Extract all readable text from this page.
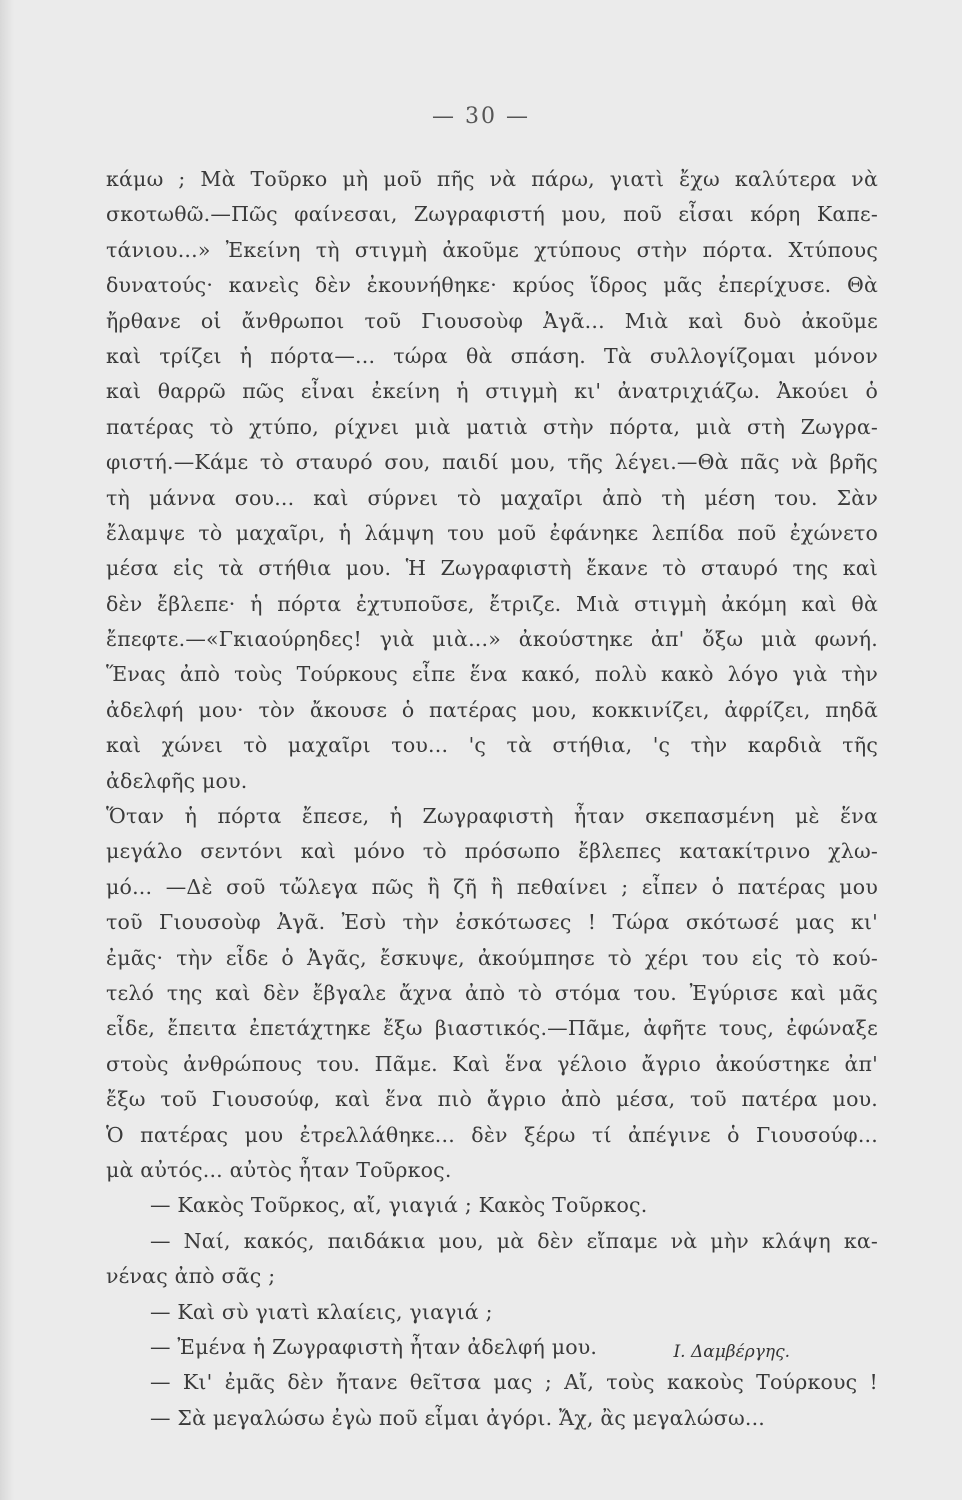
— 30 —
κάμω ; Μὰ Τοῦρκο μὴ μοῦ πῆς νὰ πάρω, γιατὶ ἔχω καλύτερα νὰ
σκοτωθῶ.—Πῶς φαίνεσαι, Ζωγραφιστή μου, ποῦ εἶσαι κόρη Καπε-
τάνιου...» Ἐκείνη τὴ στιγμὴ ἀκοῦμε χτύπους στὴν πόρτα. Χτύπους
δυνατούς· κανεὶς δὲν ἐκουνήθηκε· κρύος ἵδρος μᾶς ἐπερίχυσε. Θὰ
ἤρθανε οἱ ἄνθρωποι τοῦ Γιουσοὺφ Ἀγᾶ... Μιὰ καὶ δυὸ ἀκοῦμε
καὶ τρίζει ἡ πόρτα—... τώρα θὰ σπάση. Τὰ συλλογίζομαι μόνον
καὶ θαρρῶ πῶς εἶναι ἐκείνη ἡ στιγμὴ κι' ἀνατριχιάζω. Ἀκούει ὁ
πατέρας τὸ χτύπο, ρίχνει μιὰ ματιὰ στὴν πόρτα, μιὰ στὴ Ζωγρα-
φιστή.—Κάμε τὸ σταυρό σου, παιδί μου, τῆς λέγει.—Θὰ πᾶς νὰ βρῆς
τὴ μάννα σου... καὶ σύρνει τὸ μαχαῖρι ἀπὸ τὴ μέση του. Σὰν
ἔλαμψε τὸ μαχαῖρι, ἡ λάμψη του μοῦ ἐφάνηκε λεπίδα ποῦ ἐχώνετο
μέσα εἰς τὰ στήθια μου. Ἡ Ζωγραφιστὴ ἔκανε τὸ σταυρό της καὶ
δὲν ἔβλεπε· ἡ πόρτα ἐχτυποῦσε, ἔτριζε. Μιὰ στιγμὴ ἀκόμη καὶ θὰ
ἔπεφτε.—«Γκιαούρηδες! γιὰ μιὰ...» ἀκούστηκε ἀπ' ὄξω μιὰ φωνή.
Ἕνας ἀπὸ τοὺς Τούρκους εἶπε ἕνα κακό, πολὺ κακὸ λόγο γιὰ τὴν
ἀδελφή μου· τὸν ἄκουσε ὁ πατέρας μου, κοκκινίζει, ἀφρίζει, πηδᾶ
καὶ χώνει τὸ μαχαῖρι του... 'ς τὰ στήθια, 'ς τὴν καρδιὰ τῆς
ἀδελφῆς μου.
Ὅταν ἡ πόρτα ἔπεσε, ἡ Ζωγραφιστὴ ἦταν σκεπασμένη μὲ ἕνα
μεγάλο σεντόνι καὶ μόνο τὸ πρόσωπο ἔβλεπες κατακίτρινο χλω-
μό... —Δὲ σοῦ τὤλεγα πῶς ἢ ζῆ ἢ πεθαίνει ; εἶπεν ὁ πατέρας μου
τοῦ Γιουσοὺφ Ἀγᾶ. Ἐσὺ τὴν ἐσκότωσες ! Τώρα σκότωσέ μας κι'
ἐμᾶς· τὴν εἶδε ὁ Ἀγᾶς, ἔσκυψε, ἀκούμπησε τὸ χέρι του εἰς τὸ κού-
τελό της καὶ δὲν ἔβγαλε ἄχνα ἀπὸ τὸ στόμα του. Ἐγύρισε καὶ μᾶς
εἶδε, ἔπειτα ἐπετάχτηκε ἔξω βιαστικός.—Πᾶμε, ἀφῆτε τους, ἐφώναξε
στοὺς ἀνθρώπους του. Πᾶμε. Καὶ ἕνα γέλοιο ἄγριο ἀκούστηκε ἀπ'
ἔξω τοῦ Γιουσούφ, καὶ ἕνα πιὸ ἄγριο ἀπὸ μέσα, τοῦ πατέρα μου.
Ὁ πατέρας μου ἐτρελλάθηκε... δὲν ξέρω τί ἀπέγινε ὁ Γιουσούφ...
μὰ αὐτός... αὐτὸς ἦταν Τοῦρκος.
— Κακὸς Τοῦρκος, αἴ, γιαγιά ; Κακὸς Τοῦρκος.
— Ναί, κακός, παιδάκια μου, μὰ δὲν εἴπαμε νὰ μὴν κλάψη κα-
νένας ἀπὸ σᾶς ;
— Καὶ σὺ γιατὶ κλαίεις, γιαγιά ;
— Ἐμένα ἡ Ζωγραφιστὴ ἦταν ἀδελφή μου.
— Κι' ἐμᾶς δὲν ἤτανε θεῖτσα μας ; Αἴ, τοὺς κακοὺς Τούρκους !
— Σὰ μεγαλώσω ἐγὼ ποῦ εἶμαι ἀγόρι. Ἄχ, ἂς μεγαλώσω...
Ι. Δαμβέργης.
